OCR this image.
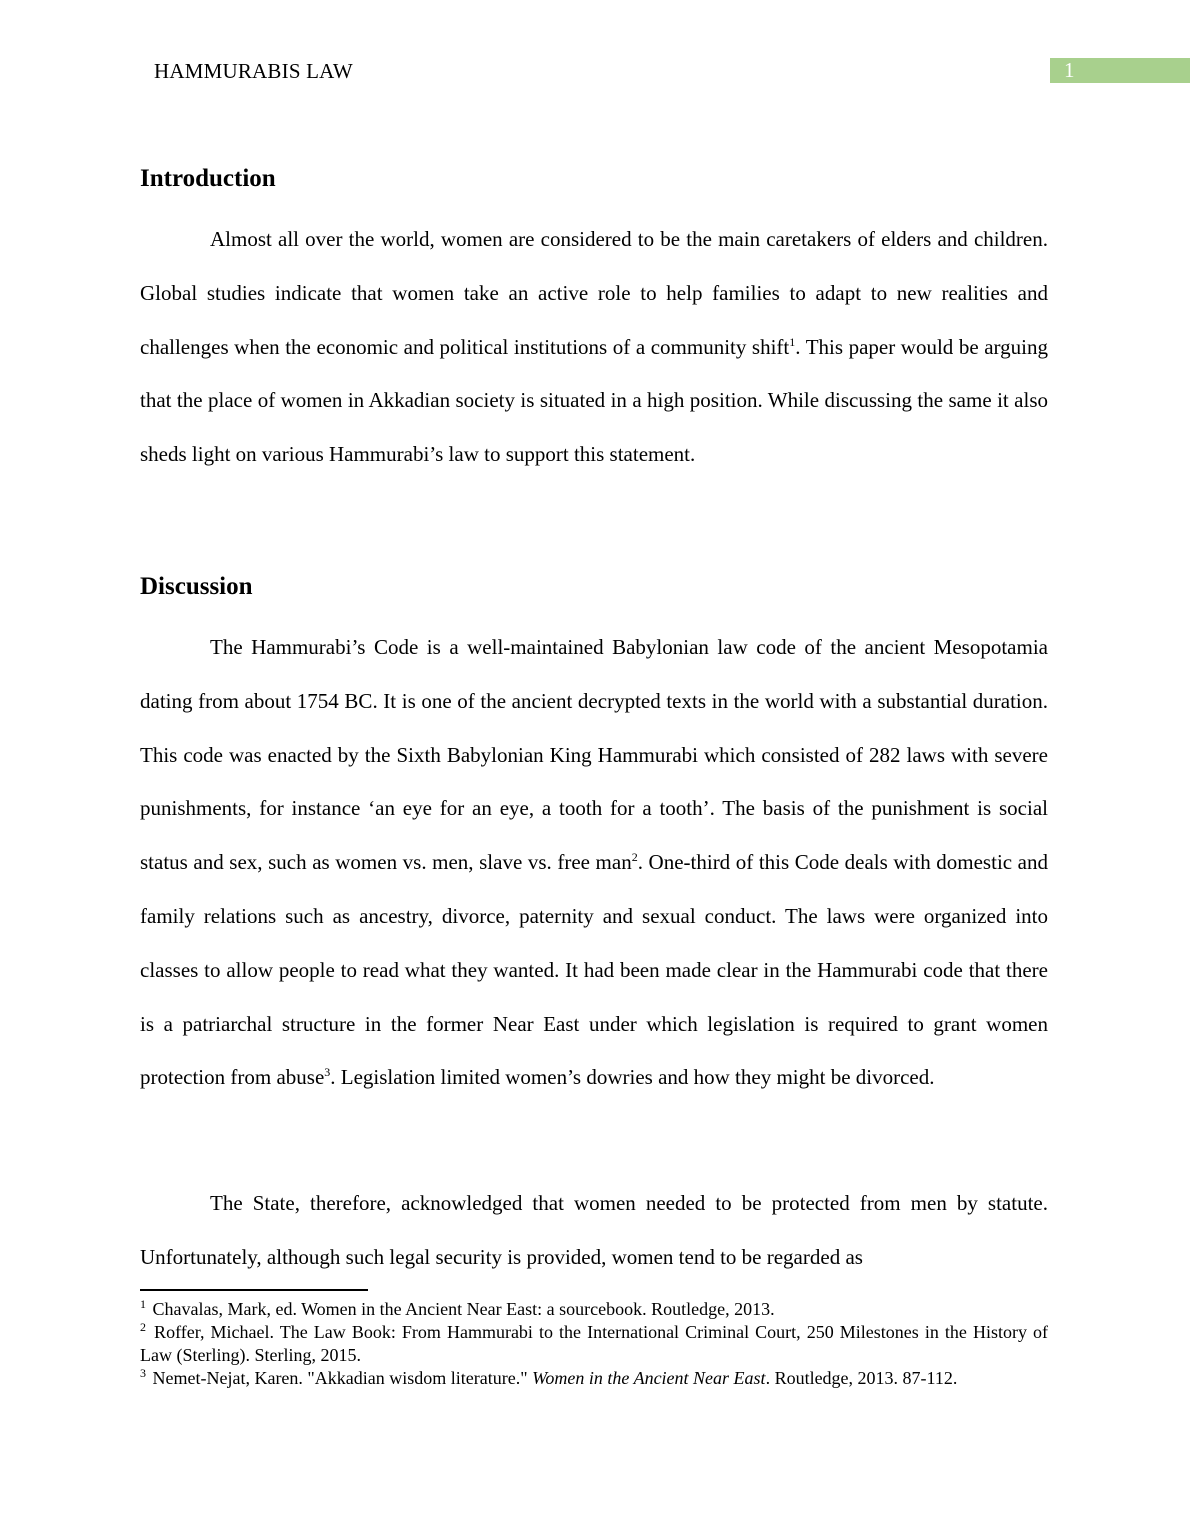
HAMMURABIS LAW	1
Introduction

Almost all over the world, women are considered to be the main caretakers of elders and children. Global studies indicate that women take an active role to help families to adapt to new realities and challenges when the economic and political institutions of a community shift$^1$. This paper would be arguing that the place of women in Akkadian society is situated in a high position. While discussing the same it also sheds light on various Hammurabi’s law to support this statement.

Discussion

The Hammurabi’s Code is a well-maintained Babylonian law code of the ancient Mesopotamia dating from about 1754 BC. It is one of the ancient decrypted texts in the world with a substantial duration. This code was enacted by the Sixth Babylonian King Hammurabi which consisted of 282 laws with severe punishments, for instance ‘an eye for an eye, a tooth for a tooth’. The basis of the punishment is social status and sex, such as women vs. men, slave vs. free man$^2$. One-third of this Code deals with domestic and family relations such as ancestry, divorce, paternity and sexual conduct. The laws were organized into classes to allow people to read what they wanted. It had been made clear in the Hammurabi code that there is a patriarchal structure in the former Near East under which legislation is required to grant women protection from abuse$^3$. Legislation limited women’s dowries and how they might be divorced.

The State, therefore, acknowledged that women needed to be protected from men by statute. Unfortunately, although such legal security is provided, women tend to be regarded as

$^1$ Chavalas, Mark, ed. Women in the Ancient Near East: a sourcebook. Routledge, 2013.

$^2$ Roffer, Michael. The Law Book: From Hammurabi to the International Criminal Court, 250 Milestones in the History of Law (Sterling). Sterling, 2015.

$^3$ Nemet-Nejat, Karen. "Akkadian wisdom literature." Women in the Ancient Near East. Routledge, 2013. 87-112.
